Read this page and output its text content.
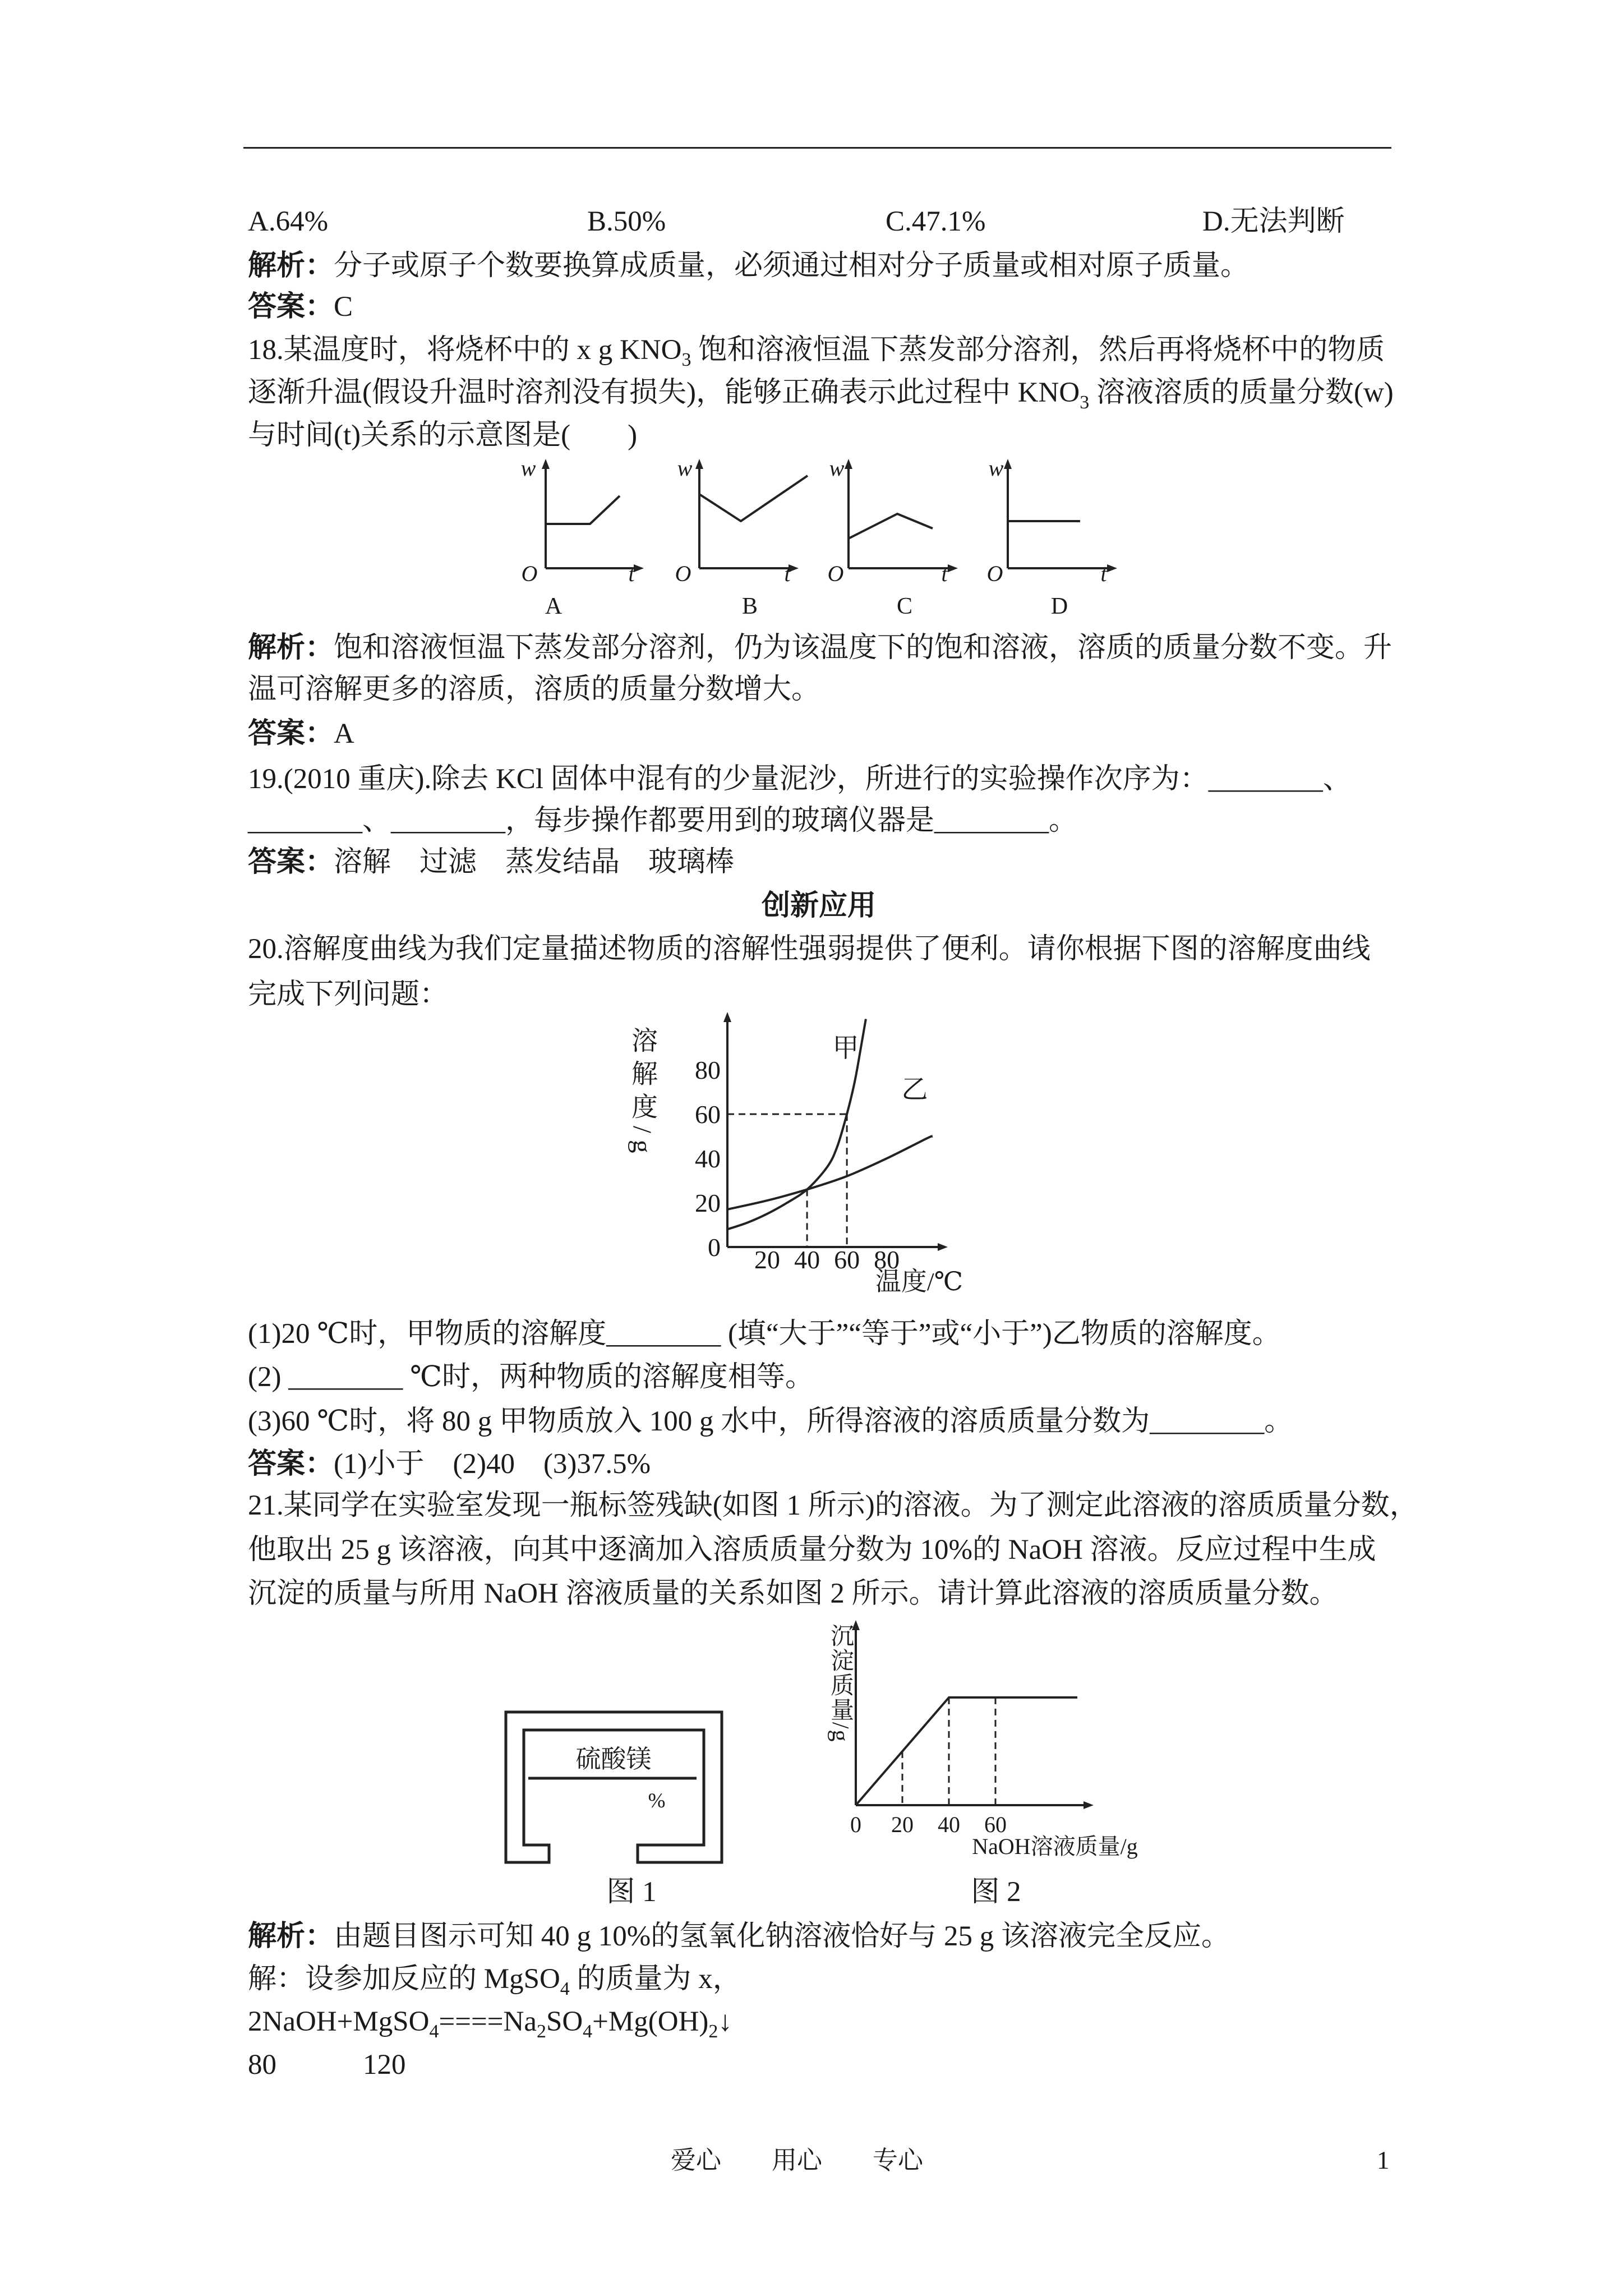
A.64%	B.50%	C.47.1%	D.无法判断
解析：分子或原子个数要换算成质量，必须通过相对分子质量或相对原子质量。
答案：C
18.某温度时，将烧杯中的 x g $KNO_3$ 饱和溶液恒温下蒸发部分溶剂，然后再将烧杯中的物质
逐渐升温(假设升温时溶剂没有损失)，能够正确表示此过程中 $KNO_3$ 溶液溶质的质量分数(w)
与时间(t)关系的示意图是(　　)
w
O	t
A
w
O	t
B
w
O	t
C
w
O	t
D
解析：饱和溶液恒温下蒸发部分溶剂，仍为该温度下的饱和溶液，溶质的质量分数不变。升
温可溶解更多的溶质，溶质的质量分数增大。
答案：A
19.(2010 重庆).除去 KCl 固体中混有的少量泥沙，所进行的实验操作次序为：________、
________、________，每步操作都要用到的玻璃仪器是________。
答案：溶解　过滤　蒸发结晶　玻璃棒
创新应用
20.溶解度曲线为我们定量描述物质的溶解性强弱提供了便利。请你根据下图的溶解度曲线
完成下列问题：
甲
乙
温度/℃
20 40 60 80
0
20
40
60
80
溶解度/g
(1)20 ℃时，甲物质的溶解度________ (填“大于”“等于”或“小于”)乙物质的溶解度。
(2) ________ ℃时，两种物质的溶解度相等。
(3)60 ℃时，将 80 g 甲物质放入 100 g 水中，所得溶液的溶质质量分数为________。
答案：(1)小于　(2)40　(3)37.5%
21.某同学在实验室发现一瓶标签残缺(如图 1 所示)的溶液。为了测定此溶液的溶质质量分数，
他取出 25 g 该溶液，向其中逐滴加入溶质质量分数为 10%的 NaOH 溶液。反应过程中生成
沉淀的质量与所用 NaOH 溶液质量的关系如图 2 所示。请计算此溶液的溶质质量分数。
硫酸镁
%
0 20 40 60
NaOH溶液质量/g
沉淀质量/g
图 1	图 2
解析：由题目图示可知 40 g 10%的氢氧化钠溶液恰好与 25 g 该溶液完全反应。
解：设参加反应的 MgSO$_4$ 的质量为 x，
$2NaOH+MgSO_4====Na_2SO_4+Mg(OH)_2↓$
80	120
爱心　　用心　　专心	1
